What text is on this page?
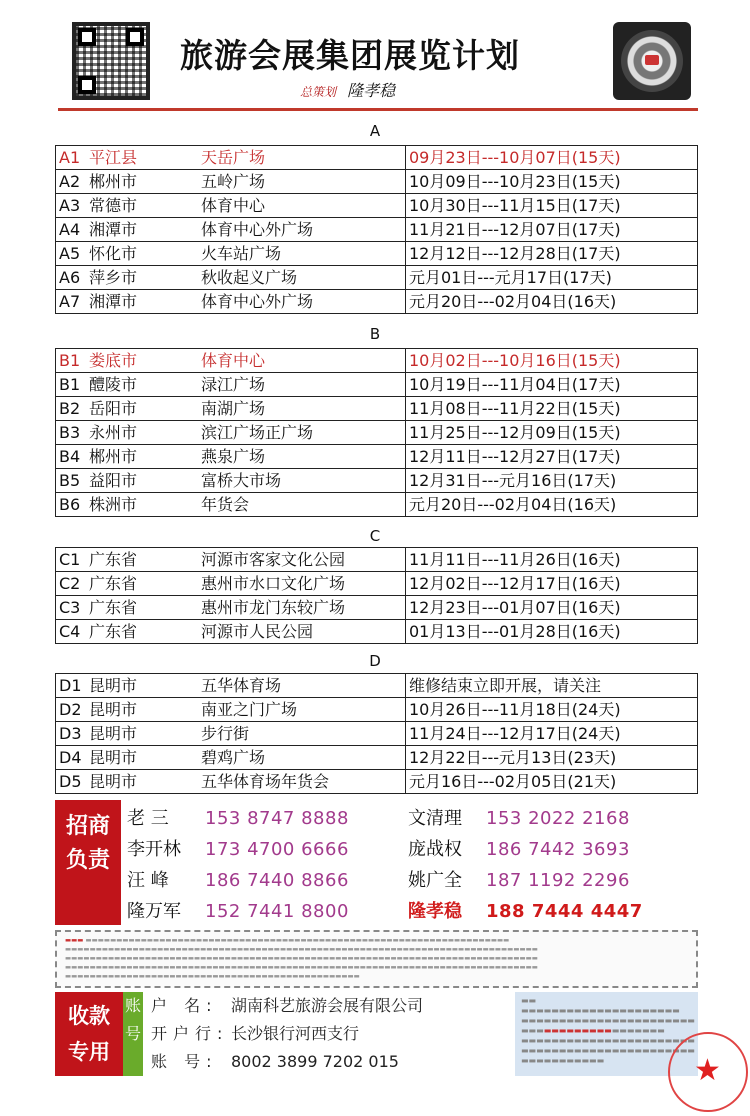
旅游会展集团展览计划
总策划 隆孝稳
A
A1 平江县 天岳广场	09月23日---10月07日(15天)
A2 郴州市 五岭广场	10月09日---10月23日(15天)
A3 常德市 体育中心	10月30日---11月15日(17天)
A4 湘潭市 体育中心外广场	11月21日---12月07日(17天)
A5 怀化市 火车站广场	12月12日---12月28日(17天)
A6 萍乡市 秋收起义广场	元月01日---元月17日(17天)
A7 湘潭市 体育中心外广场	元月20日---02月04日(16天)
B
B1 娄底市 体育中心	10月02日---10月16日(15天)
B1 醴陵市 渌江广场	10月19日---11月04日(17天)
B2 岳阳市 南湖广场	11月08日---11月22日(15天)
B3 永州市 滨江广场正广场	11月25日---12月09日(15天)
B4 郴州市 燕泉广场	12月11日---12月27日(17天)
B5 益阳市 富桥大市场	12月31日---元月16日(17天)
B6 株洲市 年货会	元月20日---02月04日(16天)
C
C1 广东省 河源市客家文化公园	11月11日---11月26日(16天)
C2 广东省 惠州市水口文化广场	12月02日---12月17日(16天)
C3 广东省 惠州市龙门东较广场	12月23日---01月07日(16天)
C4 广东省 河源市人民公园	01月13日---01月28日(16天)
D
D1 昆明市 五华体育场	维修结束立即开展，请关注
D2 昆明市 南亚之门广场	10月26日---11月18日(24天)
D3 昆明市 步行街	11月24日---12月17日(24天)
D4 昆明市 碧鸡广场	12月22日---元月13日(23天)
D5 昆明市 五华体育场年货会	元月16日---02月05日(21天)
招商
负责
老 三 153 8747 8888
李开林 173 4700 6666
汪 峰 186 7440 8866
隆万军 152 7441 8800
文清理 153 2022 2168
庞战权 186 7442 3693
姚广全 187 1192 2296
隆孝稳 188 7444 4447
▬▬▬ ▬▬▬▬▬▬▬▬▬▬▬▬▬▬▬▬▬▬▬▬▬▬▬▬▬▬▬▬▬▬▬▬▬▬▬▬▬▬▬▬▬▬▬▬▬▬▬▬▬▬▬▬▬▬▬▬▬▬▬▬▬▬▬▬▬▬▬▬▬
▬▬▬▬▬▬▬▬▬▬▬▬▬▬▬▬▬▬▬▬▬▬▬▬▬▬▬▬▬▬▬▬▬▬▬▬▬▬▬▬▬▬▬▬▬▬▬▬▬▬▬▬▬▬▬▬▬▬▬▬▬▬▬▬▬▬▬▬▬▬▬▬▬▬▬▬▬
▬▬▬▬▬▬▬▬▬▬▬▬▬▬▬▬▬▬▬▬▬▬▬▬▬▬▬▬▬▬▬▬▬▬▬▬▬▬▬▬▬▬▬▬▬▬▬▬▬▬▬▬▬▬▬▬▬▬▬▬▬▬▬▬▬▬▬▬▬▬▬▬▬▬▬▬▬
▬▬▬▬▬▬▬▬▬▬▬▬▬▬▬▬▬▬▬▬▬▬▬▬▬▬▬▬▬▬▬▬▬▬▬▬▬▬▬▬▬▬▬▬▬▬▬▬▬▬▬▬▬▬▬▬▬▬▬▬▬▬▬▬▬▬▬▬▬▬▬▬▬▬▬▬▬
▬▬▬▬▬▬▬▬▬▬▬▬▬▬▬▬▬▬▬▬▬▬▬▬▬▬▬▬▬▬▬▬▬▬▬▬▬▬▬▬▬▬▬▬▬▬▬▬
收款
专用
账号
户 名: 湖南科艺旅游会展有限公司
开户行: 长沙银行河西支行
账 号: 8002 3899 7202 015
▬▬ ▬▬▬▬▬▬▬▬▬▬▬▬▬▬▬▬▬▬▬▬▬
▬▬▬▬▬▬▬▬▬▬▬▬▬▬▬▬▬▬▬▬▬▬▬
▬▬▬▬▬▬▬▬▬▬▬▬▬▬▬▬▬▬▬
▬▬▬▬▬▬▬▬▬▬▬▬▬▬▬▬▬▬▬▬▬▬▬
▬▬▬▬▬▬▬▬▬▬▬▬▬▬▬▬▬▬▬▬▬▬▬
▬▬▬▬▬▬▬▬▬▬▬	★
